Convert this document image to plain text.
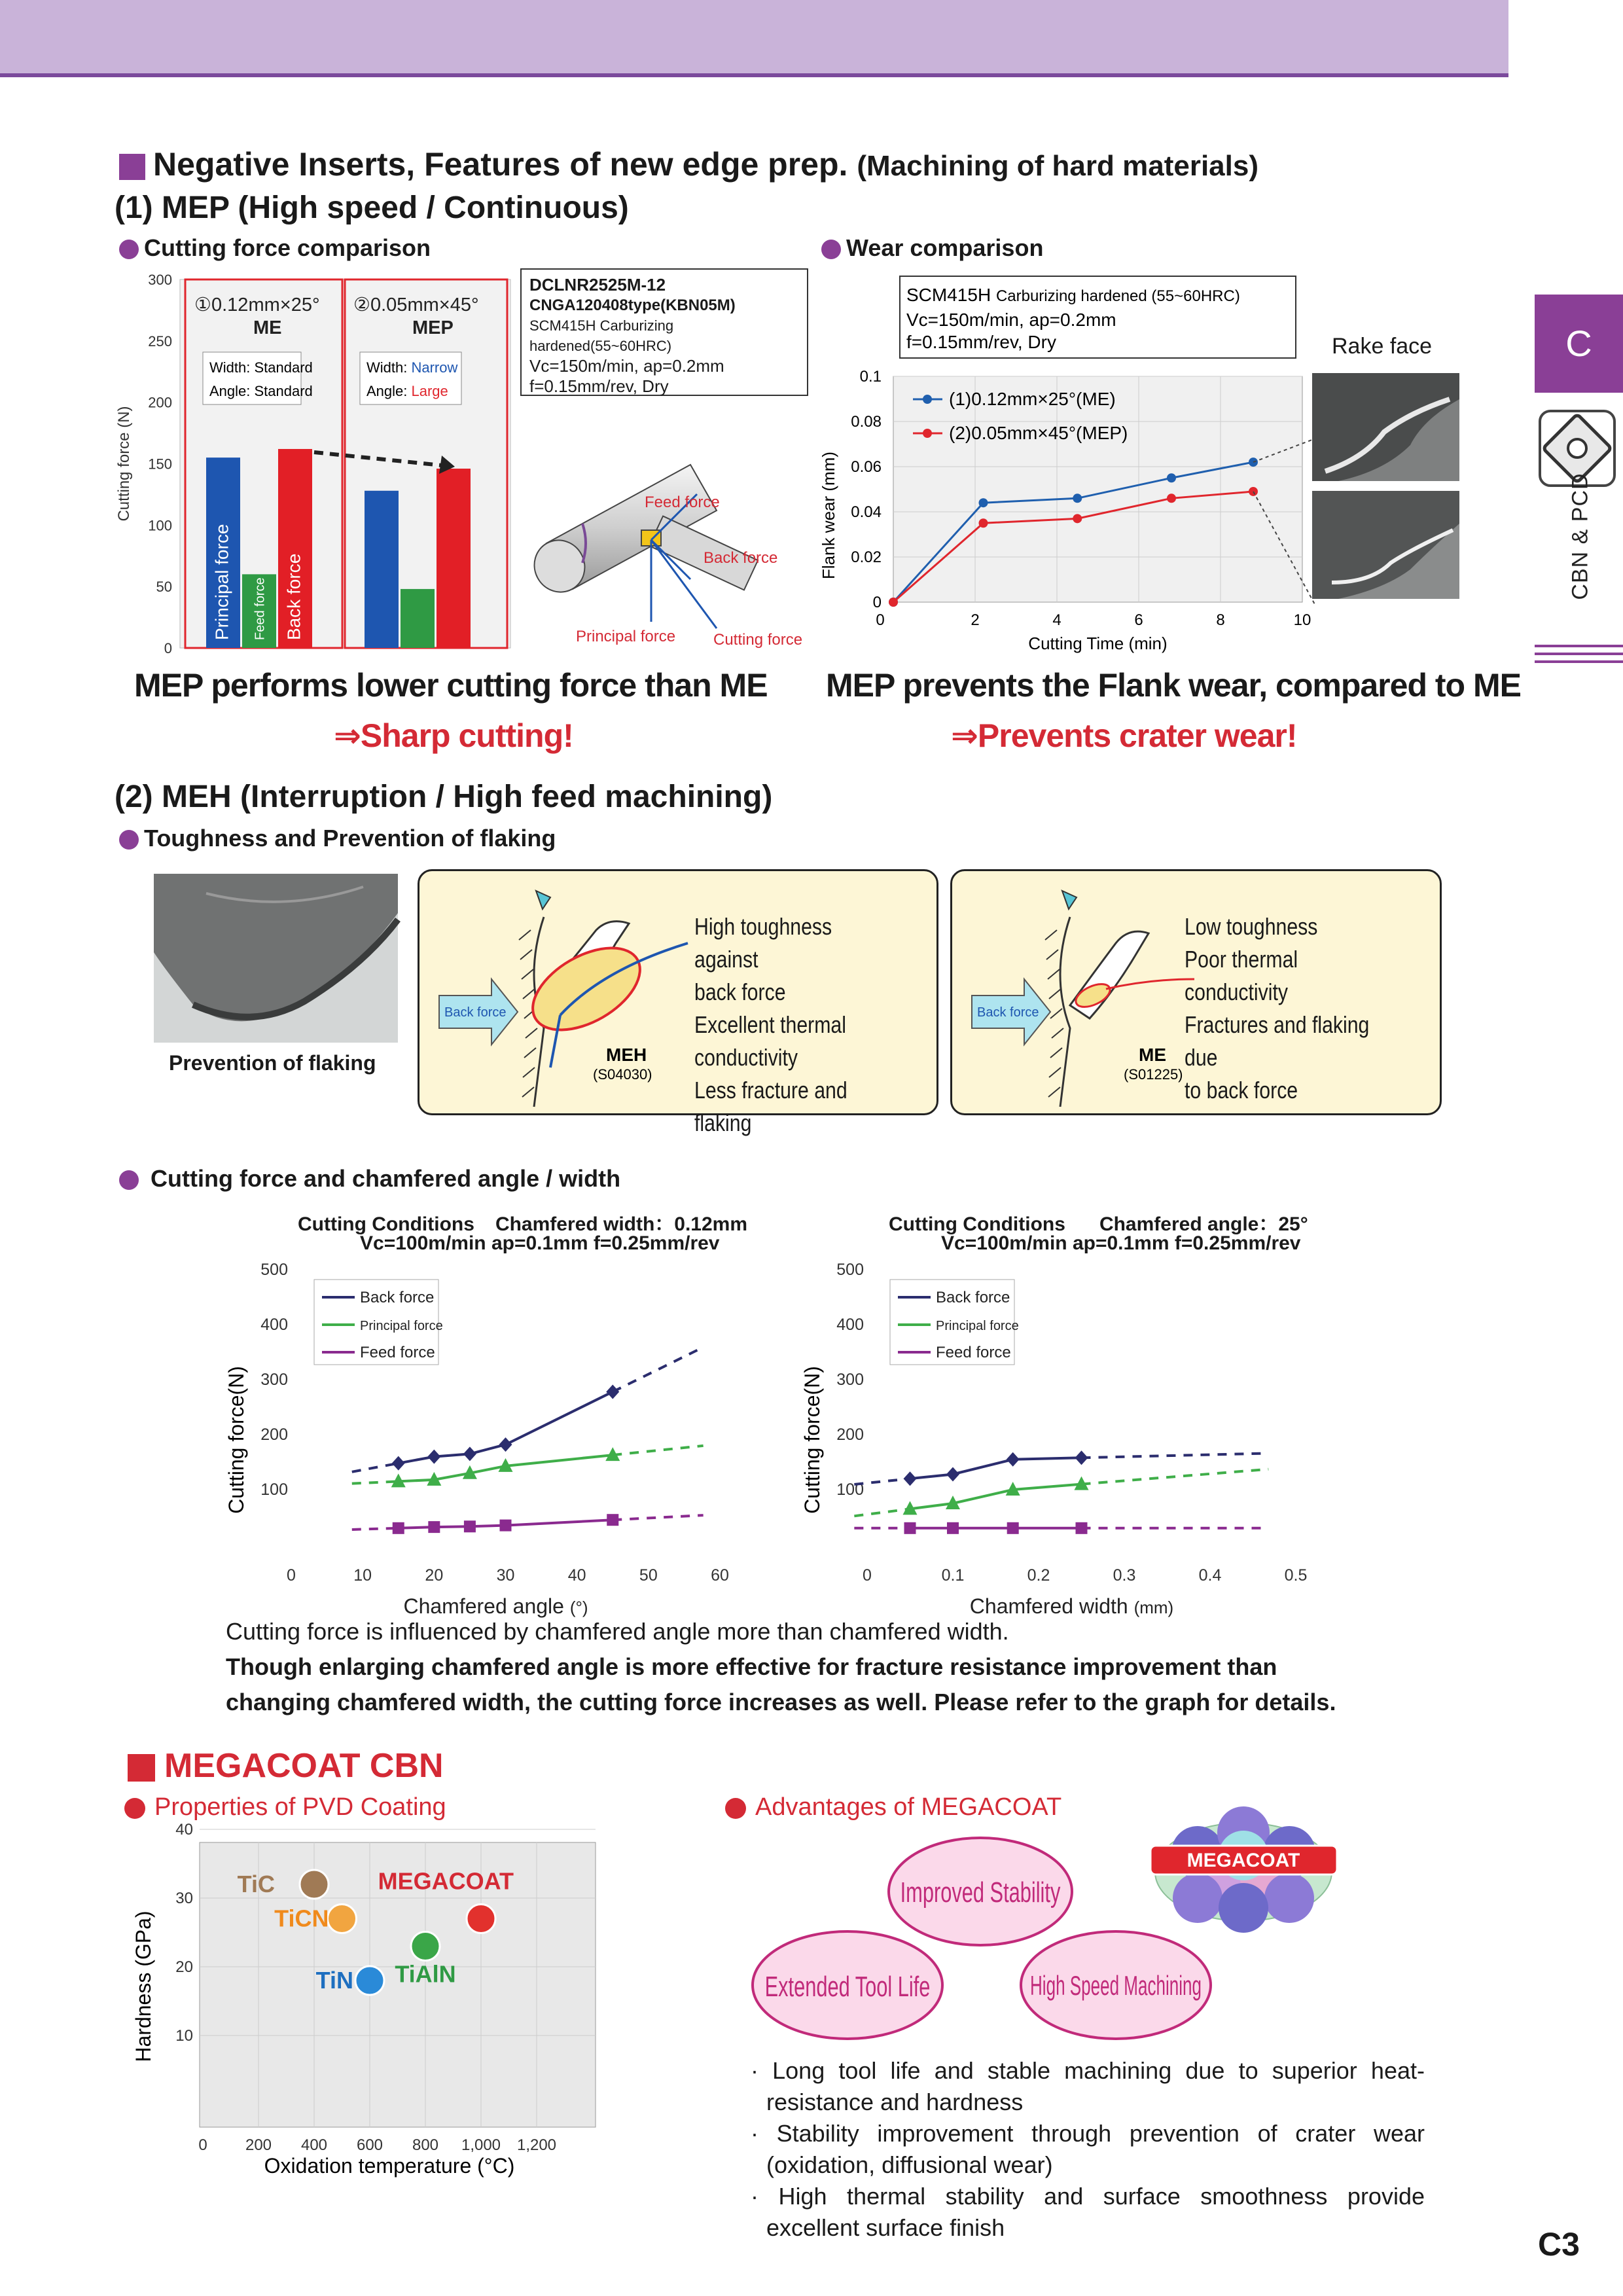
C
CBN & PCD
C3
Negative Inserts, Features of new edge prep. (Machining of hard materials)
(1) MEP (High speed / Continuous)
Cutting force comparison	Wear comparison
0
50
100
150
200
250
300
Cutting force (N)
Principal force Feed force Back force
①0.12mm×25°
ME
②0.05mm×45°
MEP
Width: Standard
Angle: Standard
Width: Narrow
Angle: Large
DCLNR2525M-12
CNGA120408type(KBN05M)
SCM415H Carburizing hardened(55~60HRC)
Vc=150m/min, ap=0.2mm
f=0.15mm/rev, Dry
Feed force
Back force
Principal force Cutting force
0
0.02
0.04
0.06
0.08
0.1
0	2	4	6	8	10
Cutting Time (min)
Flank wear (mm)
(1)0.12mm×25°(ME)
(2)0.05mm×45°(MEP)
SCM415H Carburizing hardened (55~60HRC)
Vc=150m/min, ap=0.2mm
f=0.15mm/rev, Dry	Rake face
MEP performs lower cutting force than ME
⇒Sharp cutting!
MEP prevents the Flank wear, compared to ME
⇒Prevents crater wear!
(2) MEH (Interruption / High feed machining)
Toughness and Prevention of flaking
Prevention of flaking
Back force
MEH
(S04030)
High toughness against
back force
Excellent thermal
conductivity
Less fracture and flaking
Back force
ME
(S01225)
Low toughness
Poor thermal conductivity
Fractures and flaking due
to back force
Cutting force and chamfered angle / width
Cutting Conditions Chamfered width：0.12mm
Vc=100m/min ap=0.1mm f=0.25mm/rev
Cutting Conditions Chamfered angle：25°
Vc=100m/min ap=0.1mm f=0.25mm/rev
100
200
300
400
500
0	10	20	30	40	50	60
Chamfered angle (°)
Cutting force(N)
Back force
Principal force
Feed force
100
200
300
400
500
0	0.1	0.2	0.3	0.4	0.5
Chamfered width (mm)
Cutting force(N)
Back force
Principal force
Feed force
Cutting force is influenced by chamfered angle more than chamfered width.
Though enlarging chamfered angle is more effective for fracture resistance improvement than
changing chamfered width, the cutting force increases as well. Please refer to the graph for details.
MEGACOAT CBN
Properties of PVD Coating	Advantages of MEGACOAT
10
20
30
40
0 200 400 600 800 1,000 1,200
Oxidation temperature (°C)
Hardness (GPa)
TiC
TiCN
MEGACOAT
TiAlN
TiN
Improved Stability
Extended Tool Life	High Speed Machining
MEGACOAT
· Long tool life and stable machining due to superior heat-resistance and hardness
· Stability improvement through prevention of crater wear (oxidation, diffusional wear)
· High thermal stability and surface smoothness provide excellent surface finish
